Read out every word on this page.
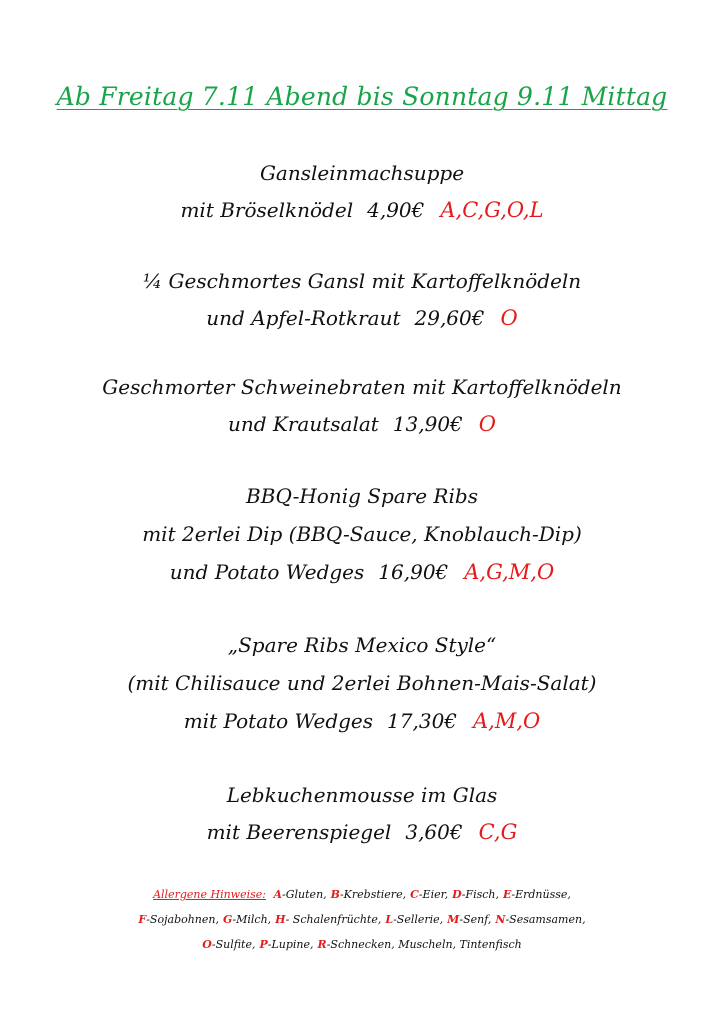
Ab Freitag 7.11 Abend bis Sonntag 9.11 Mittag
Gansleinmachsuppe
mit Bröselknödel 4,90€ A,C,G,O,L
¼ Geschmortes Gansl mit Kartoffelknödeln
und Apfel-Rotkraut 29,60€ O
Geschmorter Schweinebraten mit Kartoffelknödeln
und Krautsalat 13,90€ O
BBQ-Honig Spare Ribs
mit 2erlei Dip (BBQ-Sauce, Knoblauch-Dip)
und Potato Wedges 16,90€ A,G,M,O
„Spare Ribs Mexico Style“
(mit Chilisauce und 2erlei Bohnen-Mais-Salat)
mit Potato Wedges 17,30€ A,M,O
Lebkuchenmousse im Glas
mit Beerenspiegel 3,60€ C,G
Allergene Hinweise: A-Gluten, B-Krebstiere, C-Eier, D-Fisch, E-Erdnüsse,
F-Sojabohnen, G-Milch, H- Schalenfrüchte, L-Sellerie, M-Senf, N-Sesamsamen,
O-Sulfite, P-Lupine, R-Schnecken, Muscheln, Tintenfisch
